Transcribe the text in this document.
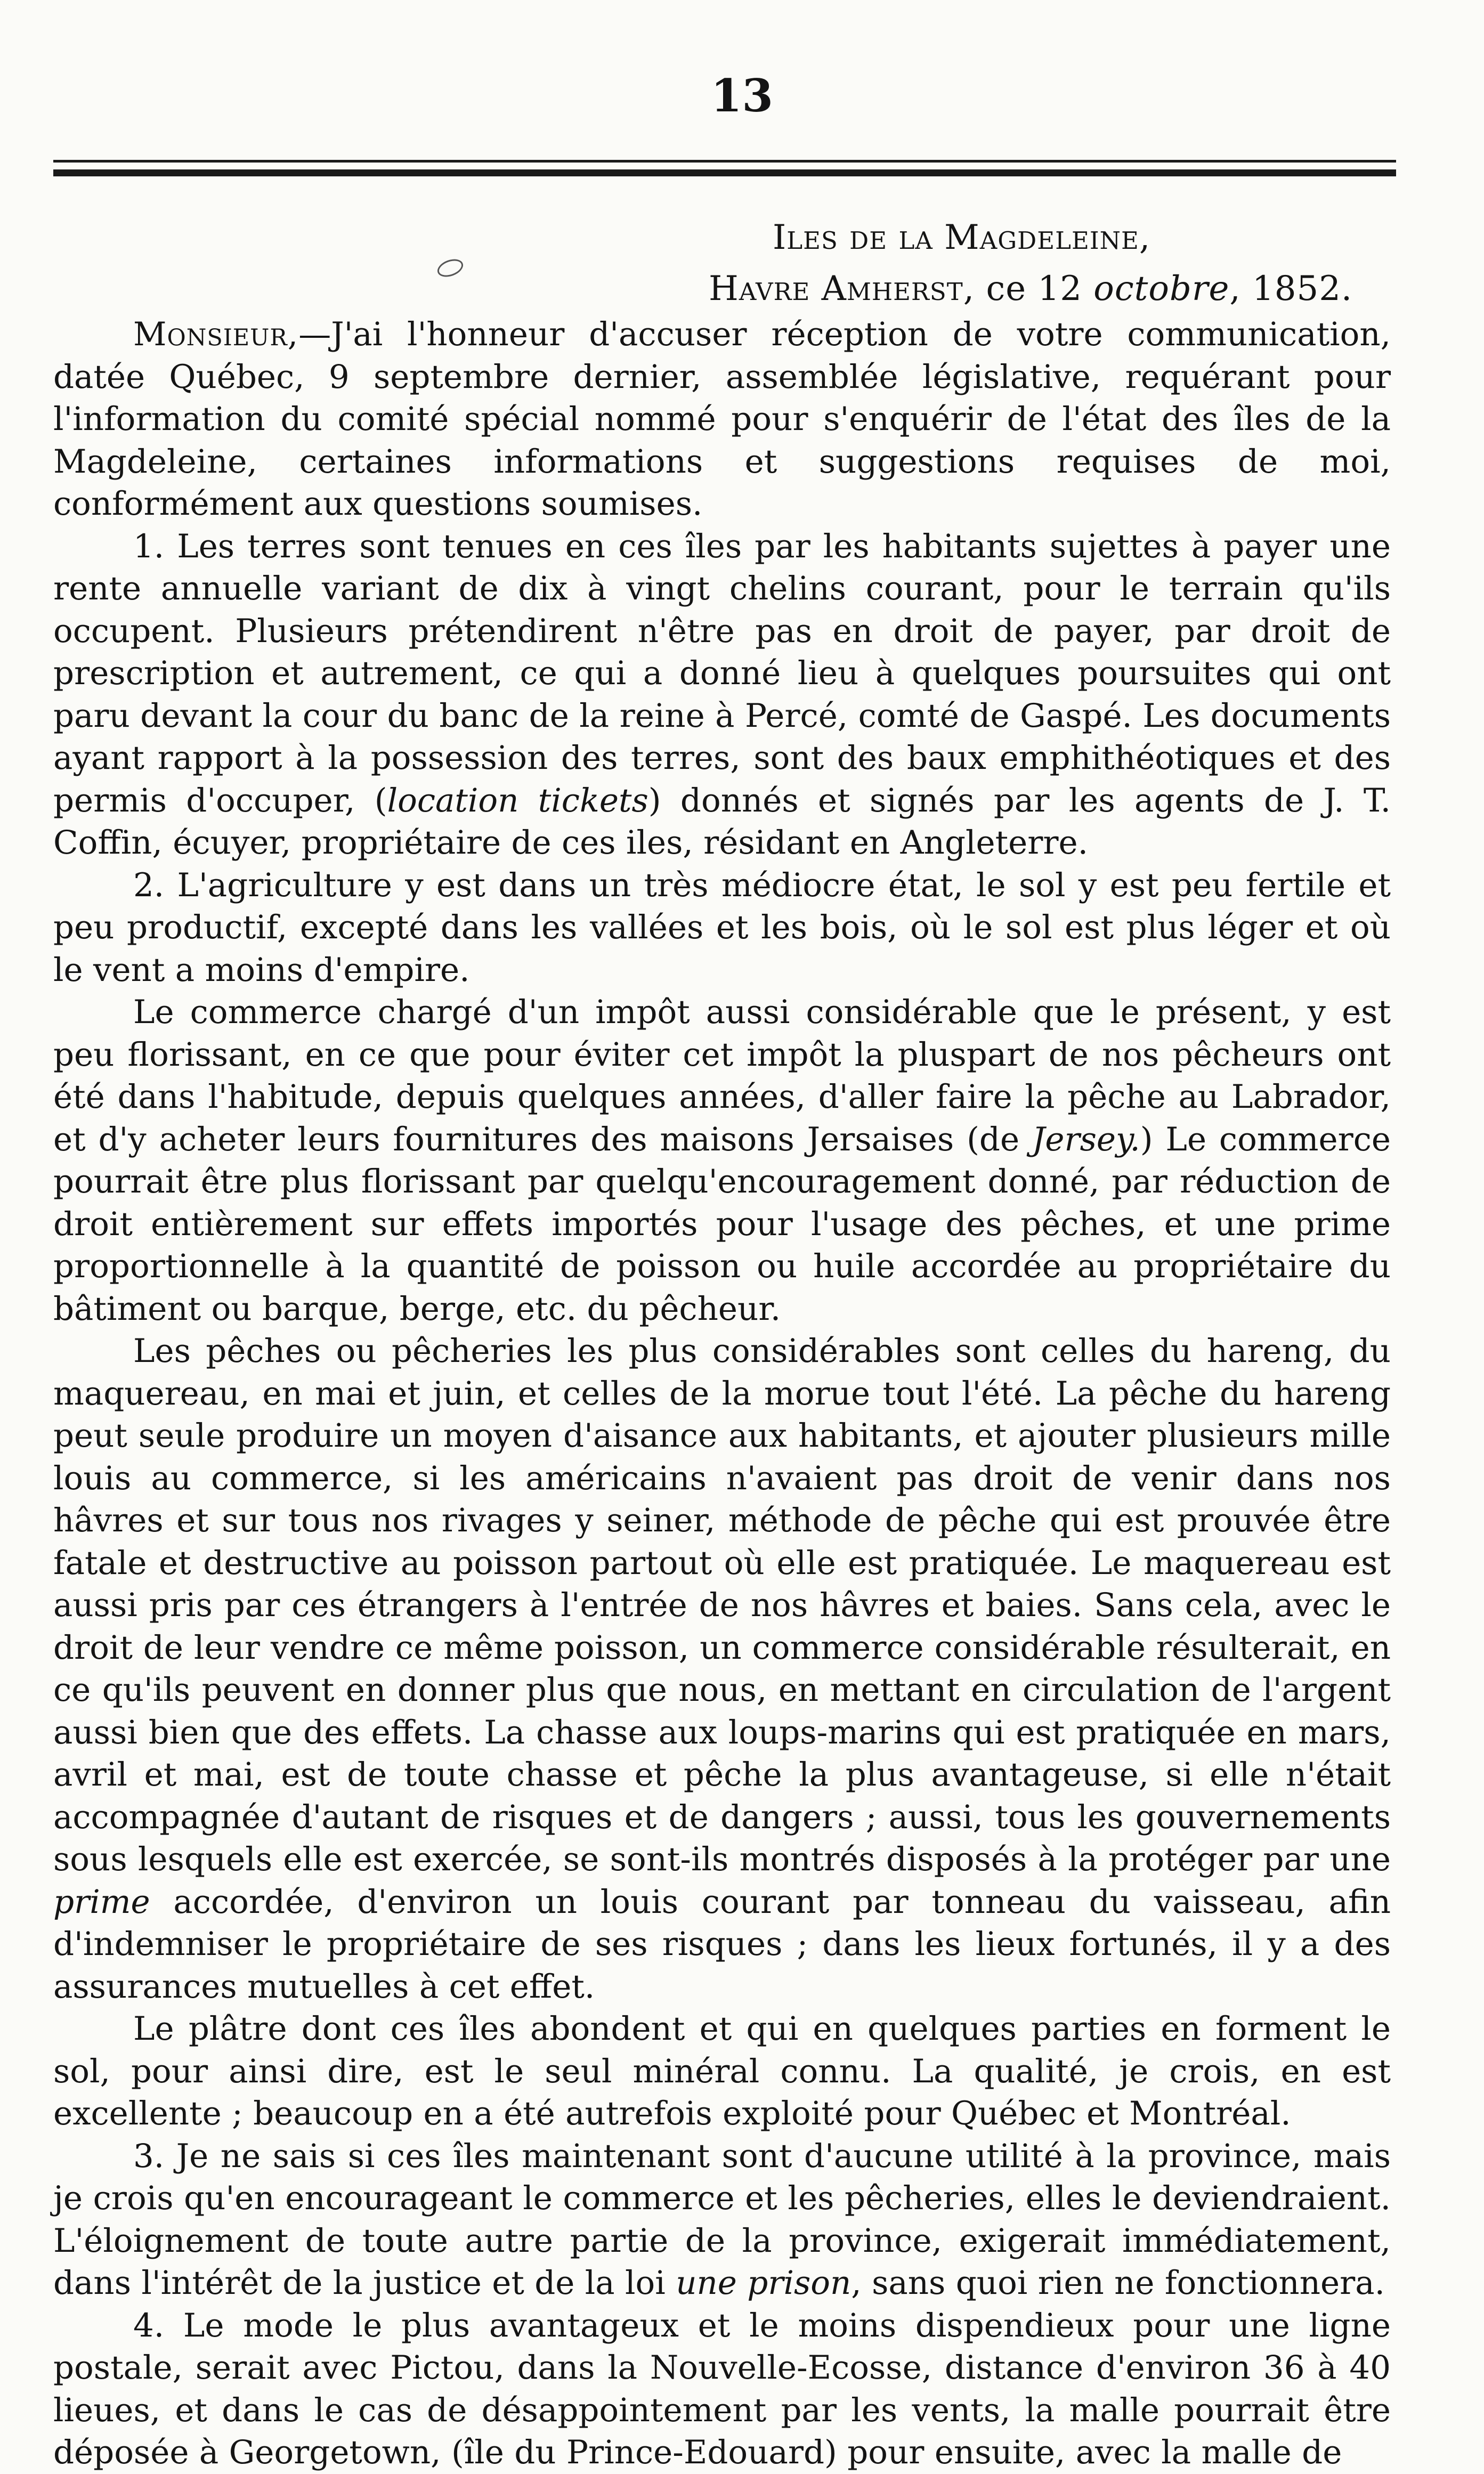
13
Iles de la Magdeleine,
Havre Amherst, ce 12 octobre, 1852.

Monsieur,—J'ai l'honneur d'accuser réception de votre communication, datée Québec, 9 septembre dernier, assemblée législative, requérant pour l'information du comité spécial nommé pour s'enquérir de l'état des îles de la Magdeleine, certaines informations et suggestions requises de moi, conformément aux questions soumises.

1. Les terres sont tenues en ces îles par les habitants sujettes à payer une rente annuelle variant de dix à vingt chelins courant, pour le terrain qu'ils occupent. Plusieurs prétendirent n'être pas en droit de payer, par droit de prescription et autrement, ce qui a donné lieu à quelques poursuites qui ont paru devant la cour du banc de la reine à Percé, comté de Gaspé. Les documents ayant rapport à la possession des terres, sont des baux emphithéotiques et des permis d'occuper, (location tickets) donnés et signés par les agents de J. T. Coffin, écuyer, propriétaire de ces iles, résidant en Angleterre.

2. L'agriculture y est dans un très médiocre état, le sol y est peu fertile et peu productif, excepté dans les vallées et les bois, où le sol est plus léger et où le vent a moins d'empire.

Le commerce chargé d'un impôt aussi considérable que le présent, y est peu florissant, en ce que pour éviter cet impôt la pluspart de nos pêcheurs ont été dans l'habitude, depuis quelques années, d'aller faire la pêche au Labrador, et d'y acheter leurs fournitures des maisons Jersaises (de Jersey.) Le commerce pourrait être plus florissant par quelqu'encouragement donné, par réduction de droit entièrement sur effets importés pour l'usage des pêches, et une prime proportionnelle à la quantité de poisson ou huile accordée au propriétaire du bâtiment ou barque, berge, etc. du pêcheur.

Les pêches ou pêcheries les plus considérables sont celles du hareng, du maquereau, en mai et juin, et celles de la morue tout l'été. La pêche du hareng peut seule produire un moyen d'aisance aux habitants, et ajouter plusieurs mille louis au commerce, si les américains n'avaient pas droit de venir dans nos hâvres et sur tous nos rivages y seiner, méthode de pêche qui est prouvée être fatale et destructive au poisson partout où elle est pratiquée. Le maquereau est aussi pris par ces étrangers à l'entrée de nos hâvres et baies. Sans cela, avec le droit de leur vendre ce même poisson, un commerce considérable résulterait, en ce qu'ils peuvent en donner plus que nous, en mettant en circulation de l'argent aussi bien que des effets. La chasse aux loups-marins qui est pratiquée en mars, avril et mai, est de toute chasse et pêche la plus avantageuse, si elle n'était accompagnée d'autant de risques et de dangers ; aussi, tous les gouvernements sous lesquels elle est exercée, se sont-ils montrés disposés à la protéger par une prime accordée, d'environ un louis courant par tonneau du vaisseau, afin d'indemniser le propriétaire de ses risques ; dans les lieux fortunés, il y a des assurances mutuelles à cet effet.

Le plâtre dont ces îles abondent et qui en quelques parties en forment le sol, pour ainsi dire, est le seul minéral connu. La qualité, je crois, en est excellente ; beaucoup en a été autrefois exploité pour Québec et Montréal.

3. Je ne sais si ces îles maintenant sont d'aucune utilité à la province, mais je crois qu'en encourageant le commerce et les pêcheries, elles le deviendraient. L'éloignement de toute autre partie de la province, exigerait immédiatement, dans l'intérêt de la justice et de la loi une prison, sans quoi rien ne fonctionnera.

4. Le mode le plus avantageux et le moins dispendieux pour une ligne postale, serait avec Pictou, dans la Nouvelle-Ecosse, distance d'environ 36 à 40 lieues, et dans le cas de désappointement par les vents, la malle pourrait être déposée à Georgetown, (île du Prince-Edouard) pour ensuite, avec la malle de
